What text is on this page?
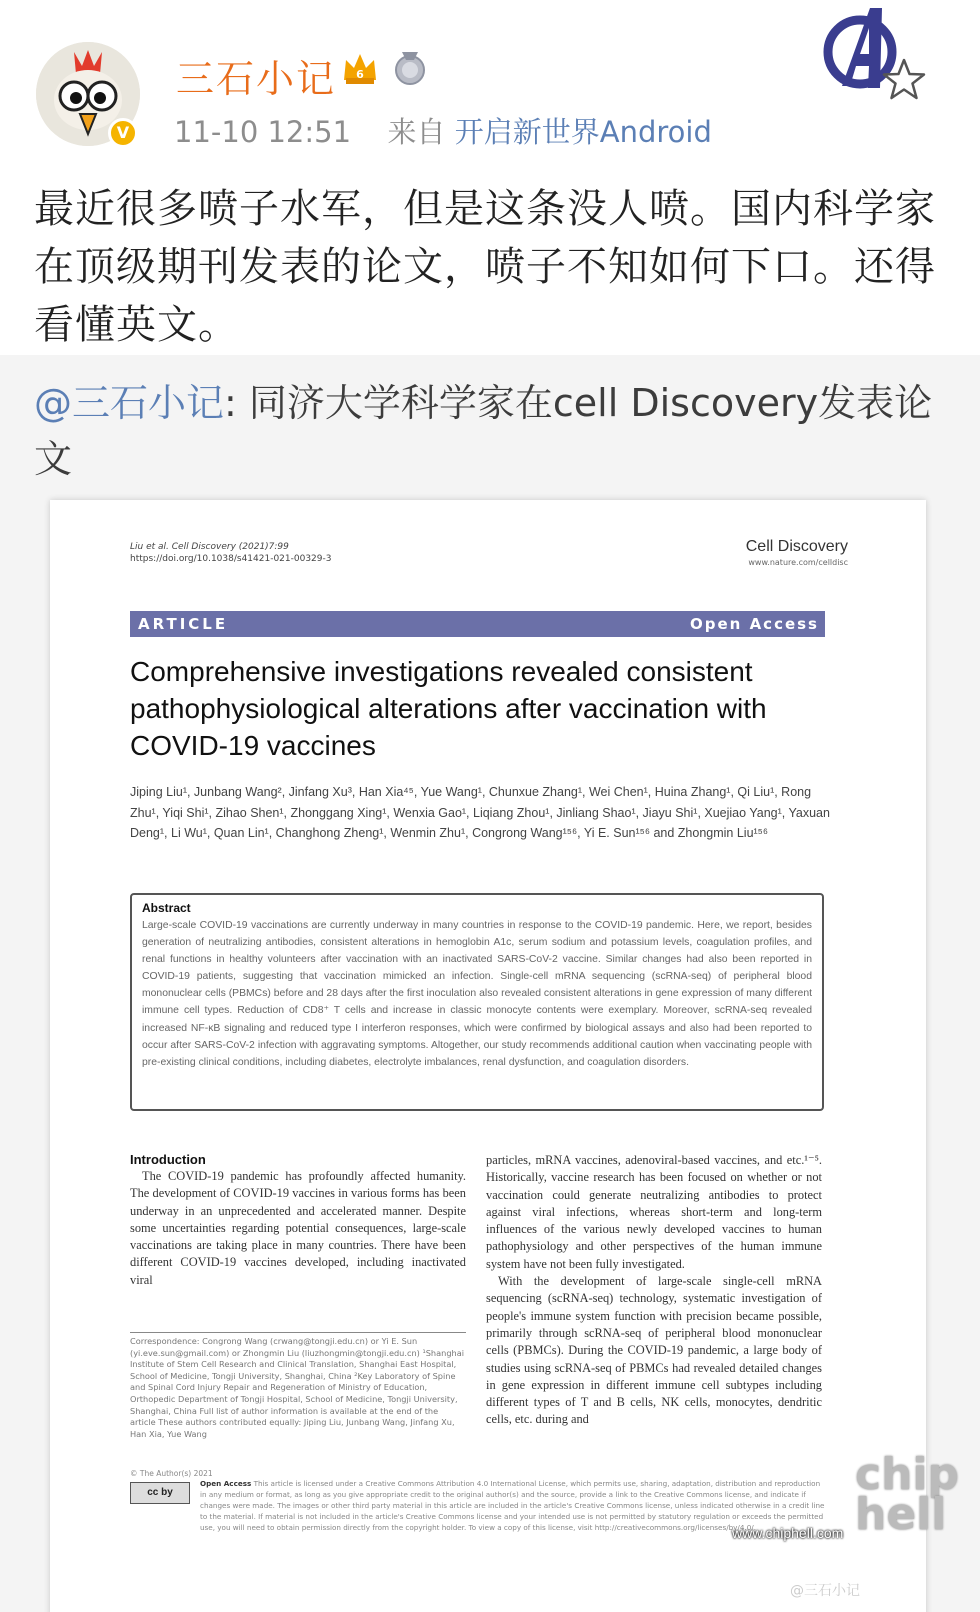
V
三石小记 6
11-10 12:51 来自 开启新世界Android
最近很多喷子水军，但是这条没人喷。国内科学家在顶级期刊发表的论文，喷子不知如何下口。还得看懂英文。
@三石小记: 同济大学科学家在cell Discovery发表论文
Liu et al. Cell Discovery (2021)7:99
https://doi.org/10.1038/s41421-021-00329-3
Cell Discovery
www.nature.com/celldisc
ARTICLE	Open Access
Comprehensive investigations revealed consistent pathophysiological alterations after vaccination with COVID-19 vaccines
Jiping Liu¹, Junbang Wang², Jinfang Xu³, Han Xia⁴⁵, Yue Wang¹, Chunxue Zhang¹, Wei Chen¹, Huina Zhang¹, Qi Liu¹, Rong Zhu¹, Yiqi Shi¹, Zihao Shen¹, Zhonggang Xing¹, Wenxia Gao¹, Liqiang Zhou¹, Jinliang Shao¹, Jiayu Shi¹, Xuejiao Yang¹, Yaxuan Deng¹, Li Wu¹, Quan Lin¹, Changhong Zheng¹, Wenmin Zhu¹, Congrong Wang¹⁵⁶, Yi E. Sun¹⁵⁶ and Zhongmin Liu¹⁵⁶
Abstract

Large-scale COVID-19 vaccinations are currently underway in many countries in response to the COVID-19 pandemic. Here, we report, besides generation of neutralizing antibodies, consistent alterations in hemoglobin A1c, serum sodium and potassium levels, coagulation profiles, and renal functions in healthy volunteers after vaccination with an inactivated SARS-CoV-2 vaccine. Similar changes had also been reported in COVID-19 patients, suggesting that vaccination mimicked an infection. Single-cell mRNA sequencing (scRNA-seq) of peripheral blood mononuclear cells (PBMCs) before and 28 days after the first inoculation also revealed consistent alterations in gene expression of many different immune cell types. Reduction of CD8⁺ T cells and increase in classic monocyte contents were exemplary. Moreover, scRNA-seq revealed increased NF-κB signaling and reduced type I interferon responses, which were confirmed by biological assays and also had been reported to occur after SARS-CoV-2 infection with aggravating symptoms. Altogether, our study recommends additional caution when vaccinating people with pre-existing clinical conditions, including diabetes, electrolyte imbalances, renal dysfunction, and coagulation disorders.

Introduction

The COVID-19 pandemic has profoundly affected humanity. The development of COVID-19 vaccines in various forms has been underway in an unprecedented and accelerated manner. Despite some uncertainties regarding potential consequences, large-scale vaccinations are taking place in many countries. There have been different COVID-19 vaccines developed, including inactivated viral

Correspondence: Congrong Wang (crwang@tongji.edu.cn) or Yi E. Sun (yi.eve.sun@gmail.com) or Zhongmin Liu (liuzhongmin@tongji.edu.cn) ¹Shanghai Institute of Stem Cell Research and Clinical Translation, Shanghai East Hospital, School of Medicine, Tongji University, Shanghai, China ²Key Laboratory of Spine and Spinal Cord Injury Repair and Regeneration of Ministry of Education, Orthopedic Department of Tongji Hospital, School of Medicine, Tongji University, Shanghai, China Full list of author information is available at the end of the article These authors contributed equally: Jiping Liu, Junbang Wang, Jinfang Xu, Han Xia, Yue Wang

particles, mRNA vaccines, adenoviral-based vaccines, and etc.¹⁻⁵. Historically, vaccine research has been focused on whether or not vaccination could generate neutralizing antibodies to protect against viral infections, whereas short-term and long-term influences of the various newly developed vaccines to human pathophysiology and other perspectives of the human immune system have not been fully investigated.

With the development of large-scale single-cell mRNA sequencing (scRNA-seq) technology, systematic investigation of people's immune system function with precision became possible, primarily through scRNA-seq of peripheral blood mononuclear cells (PBMCs). During the COVID-19 pandemic, a large body of studies using scRNA-seq of PBMCs had revealed detailed changes in gene expression in different immune cell subtypes including different types of T and B cells, NK cells, monocytes, dendritic cells, etc. during and

© The Author(s) 2021
cc by
Open Access This article is licensed under a Creative Commons Attribution 4.0 International License, which permits use, sharing, adaptation, distribution and reproduction in any medium or format, as long as you give appropriate credit to the original author(s) and the source, provide a link to the Creative Commons license, and indicate if changes were made. The images or other third party material in this article are included in the article's Creative Commons license, unless indicated otherwise in a credit line to the material. If material is not included in the article's Creative Commons license and your intended use is not permitted by statutory regulation or exceeds the permitted use, you will need to obtain permission directly from the copyright holder. To view a copy of this license, visit http://creativecommons.org/licenses/by/4.0/.
chip hell
www.chiphell.com
@三石小记
